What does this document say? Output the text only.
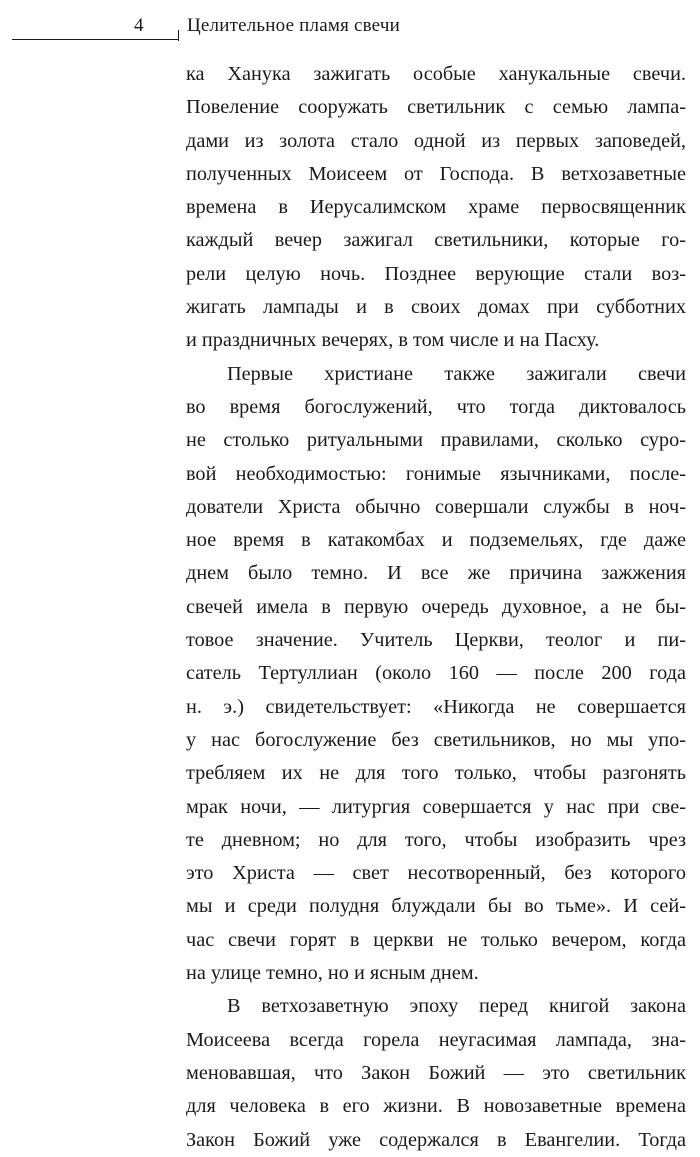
4 Целительное пламя свечи
ка Ханука зажигать особые ханукальные свечи.
Повеление сооружать светильник с семью лампа-
дами из золота стало одной из первых заповедей,
полученных Моисеем от Господа. В ветхозаветные
времена в Иерусалимском храме первосвященник
каждый вечер зажигал светильники, которые го-
рели целую ночь. Позднее верующие стали воз-
жигать лампады и в своих домах при субботних
и праздничных вечерях, в том числе и на Пасху.
Первые христиане также зажигали свечи
во время богослужений, что тогда диктовалось
не столько ритуальными правилами, сколько суро-
вой необходимостью: гонимые язычниками, после-
дователи Христа обычно совершали службы в ноч-
ное время в катакомбах и подземельях, где даже
днем было темно. И все же причина зажжения
свечей имела в первую очередь духовное, а не бы-
товое значение. Учитель Церкви, теолог и пи-
сатель Тертуллиан (около 160 — после 200 года
н. э.) свидетельствует: «Никогда не совершается
у нас богослужение без светильников, но мы упо-
требляем их не для того только, чтобы разгонять
мрак ночи, — литургия совершается у нас при све-
те дневном; но для того, чтобы изобразить чрез
это Христа — свет несотворенный, без которого
мы и среди полудня блуждали бы во тьме». И сей-
час свечи горят в церкви не только вечером, когда
на улице темно, но и ясным днем.
В ветхозаветную эпоху перед книгой закона
Моисеева всегда горела неугасимая лампада, зна-
меновавшая, что Закон Божий — это светильник
для человека в его жизни. В новозаветные времена
Закон Божий уже содержался в Евангелии. Тогда
